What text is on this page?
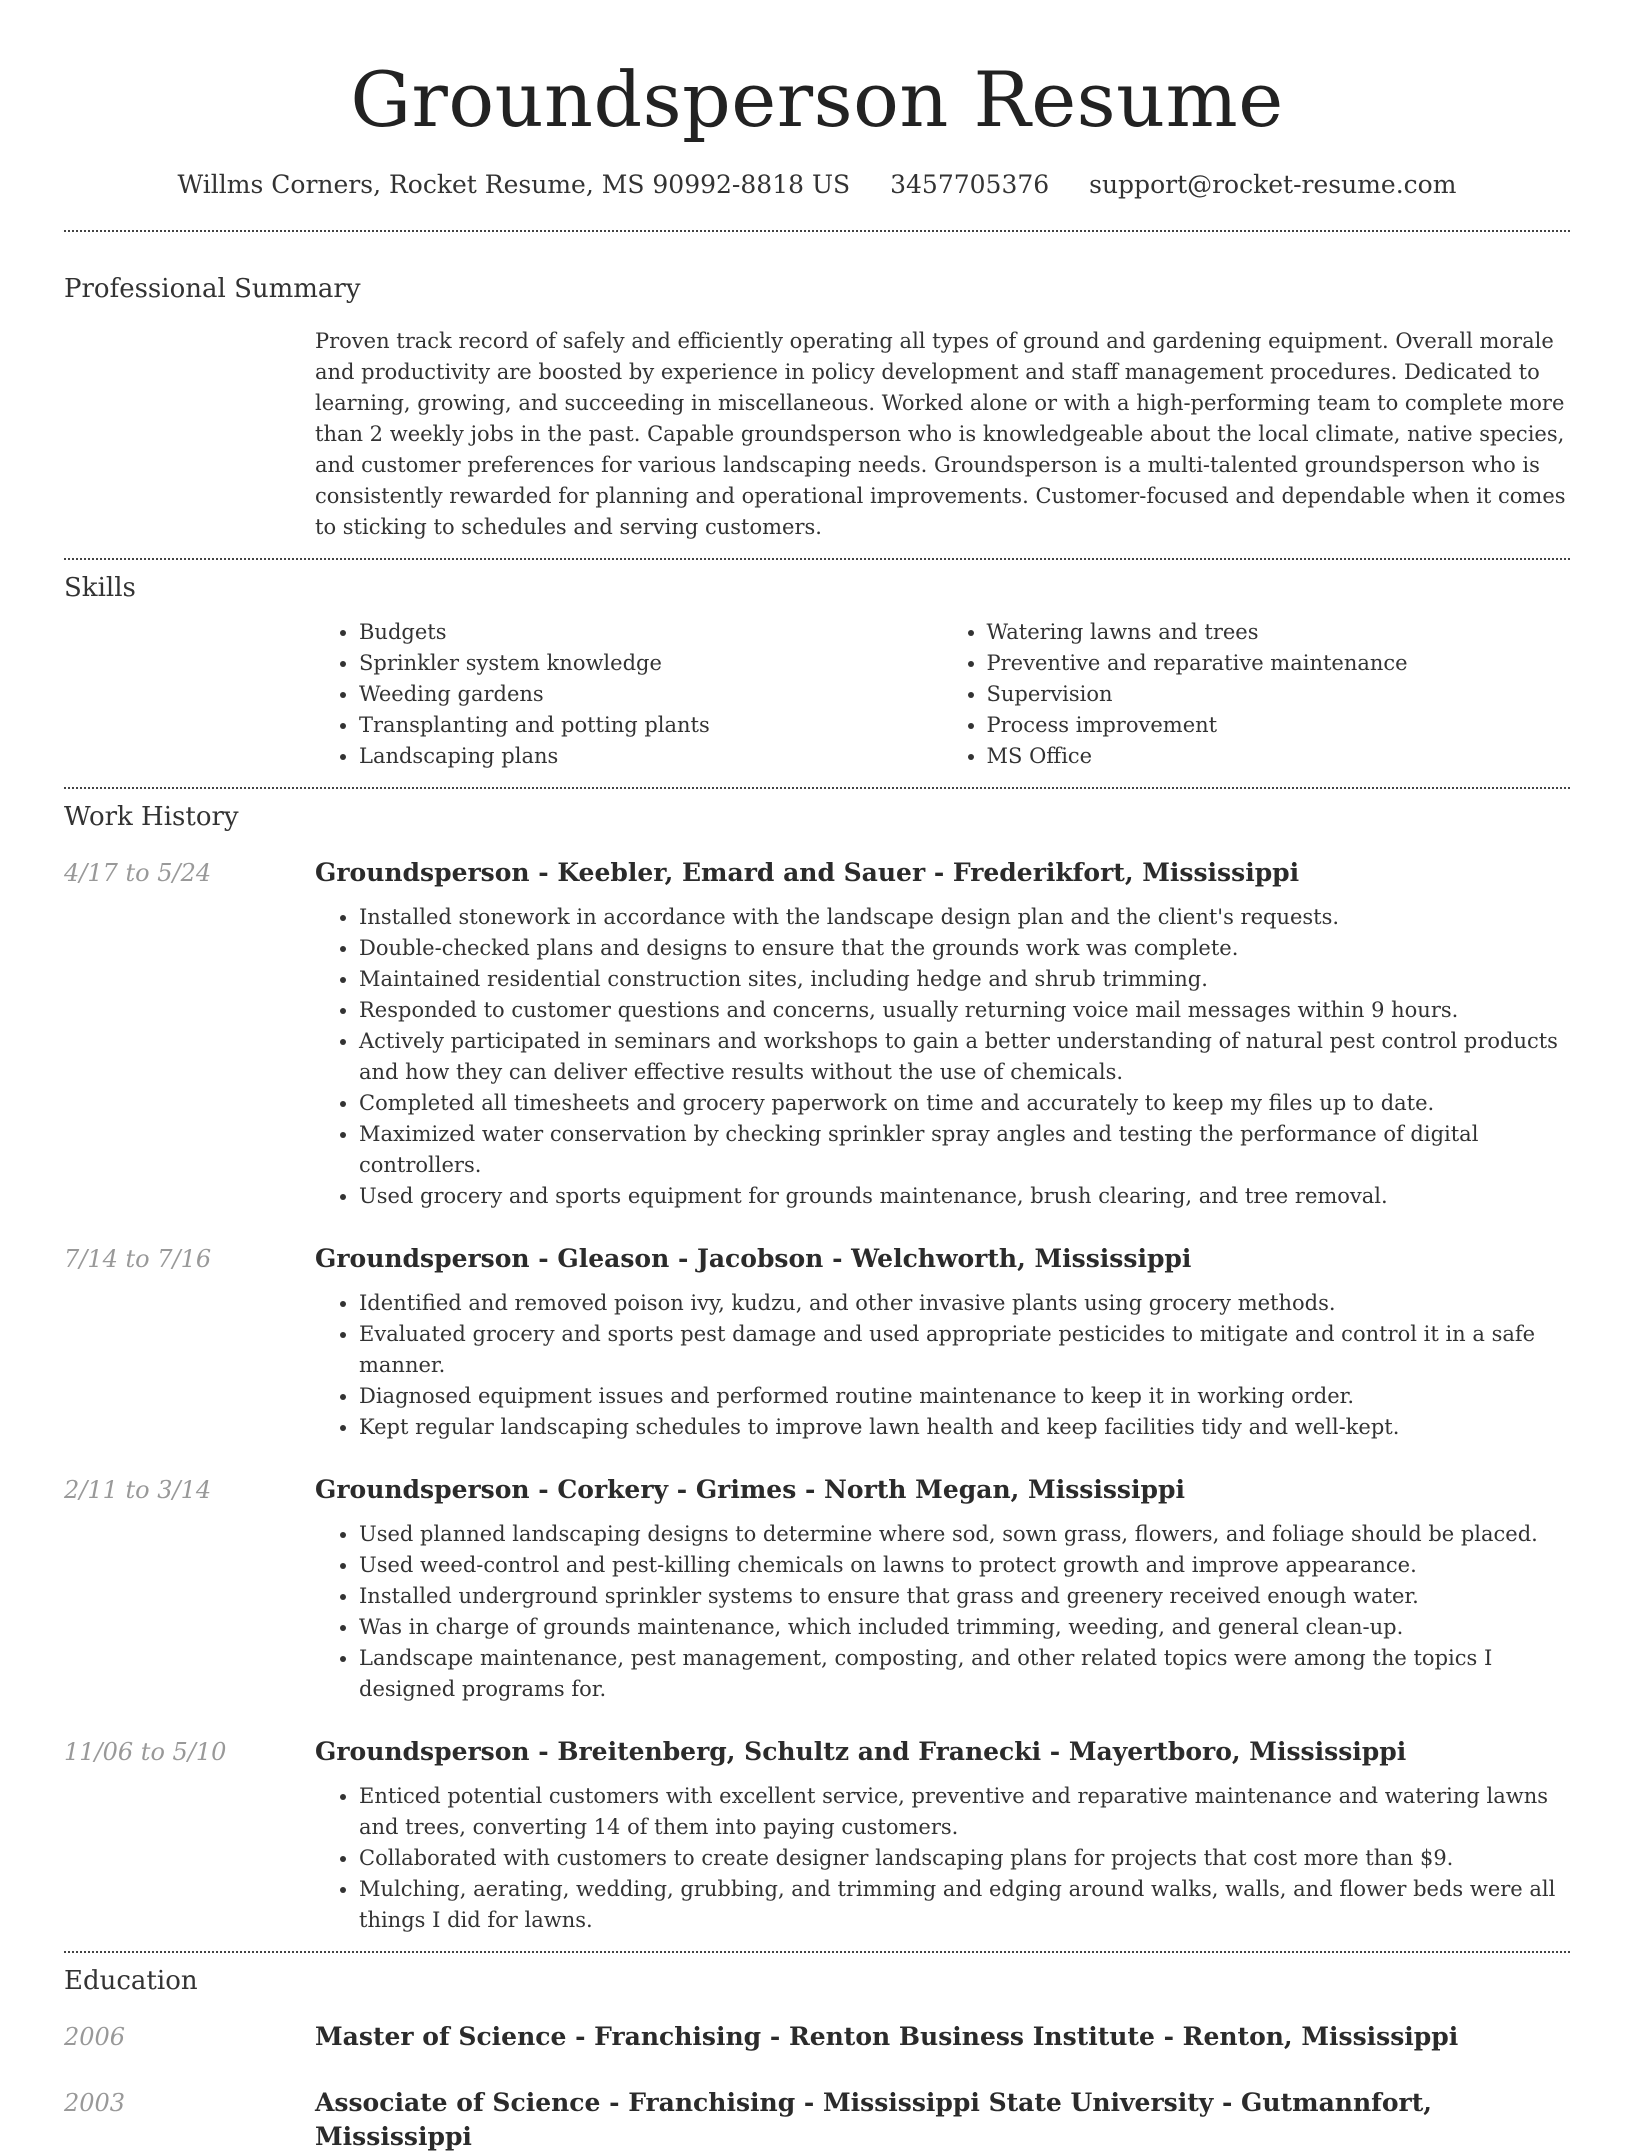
Groundsperson Resume
Willms Corners, Rocket Resume, MS 90992-8818 US 3457705376 support@rocket-resume.com
Professional Summary

Proven track record of safely and efficiently operating all types of ground and gardening equipment. Overall morale and productivity are boosted by experience in policy development and staff management procedures. Dedicated to learning, growing, and succeeding in miscellaneous. Worked alone or with a high-performing team to complete more than 2 weekly jobs in the past. Capable groundsperson who is knowledgeable about the local climate, native species, and customer preferences for various landscaping needs. Groundsperson is a multi-talented groundsperson who is consistently rewarded for planning and operational improvements. Customer-focused and dependable when it comes to sticking to schedules and serving customers.

Skills
• Budgets
• Sprinkler system knowledge
• Weeding gardens
• Transplanting and potting plants
• Landscaping plans
• Watering lawns and trees
• Preventive and reparative maintenance
• Supervision
• Process improvement
• MS Office
Work History
4/17 to 5/24	Groundsperson - Keebler, Emard and Sauer - Frederikfort, Mississippi
• Installed stonework in accordance with the landscape design plan and the client's requests.
• Double-checked plans and designs to ensure that the grounds work was complete.
• Maintained residential construction sites, including hedge and shrub trimming.
• Responded to customer questions and concerns, usually returning voice mail messages within 9 hours.
• Actively participated in seminars and workshops to gain a better understanding of natural pest control products and how they can deliver effective results without the use of chemicals.
• Completed all timesheets and grocery paperwork on time and accurately to keep my files up to date.
• Maximized water conservation by checking sprinkler spray angles and testing the performance of digital controllers.
• Used grocery and sports equipment for grounds maintenance, brush clearing, and tree removal.
7/14 to 7/16	Groundsperson - Gleason - Jacobson - Welchworth, Mississippi
• Identified and removed poison ivy, kudzu, and other invasive plants using grocery methods.
• Evaluated grocery and sports pest damage and used appropriate pesticides to mitigate and control it in a safe manner.
• Diagnosed equipment issues and performed routine maintenance to keep it in working order.
• Kept regular landscaping schedules to improve lawn health and keep facilities tidy and well-kept.
2/11 to 3/14	Groundsperson - Corkery - Grimes - North Megan, Mississippi
• Used planned landscaping designs to determine where sod, sown grass, flowers, and foliage should be placed.
• Used weed-control and pest-killing chemicals on lawns to protect growth and improve appearance.
• Installed underground sprinkler systems to ensure that grass and greenery received enough water.
• Was in charge of grounds maintenance, which included trimming, weeding, and general clean-up.
• Landscape maintenance, pest management, composting, and other related topics were among the topics I designed programs for.
11/06 to 5/10	Groundsperson - Breitenberg, Schultz and Franecki - Mayertboro, Mississippi
• Enticed potential customers with excellent service, preventive and reparative maintenance and watering lawns and trees, converting 14 of them into paying customers.
• Collaborated with customers to create designer landscaping plans for projects that cost more than $9.
• Mulching, aerating, wedding, grubbing, and trimming and edging around walks, walls, and flower beds were all things I did for lawns.
Education
2006	Master of Science - Franchising - Renton Business Institute - Renton, Mississippi
2003	Associate of Science - Franchising - Mississippi State University - Gutmannfort, Mississippi
